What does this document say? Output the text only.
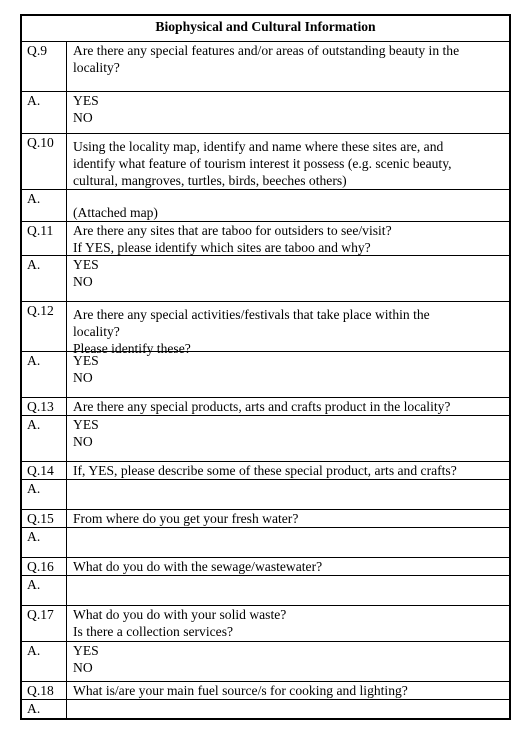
Biophysical and Cultural Information
Q.9 Are there any special features and/or areas of outstanding beauty in the
locality?
A. YES
NO
Q.10 Using the locality map, identify and name where these sites are, and
identify what feature of tourism interest it possess (e.g. scenic beauty,
cultural, mangroves, turtles, birds, beeches others)
A.
(Attached map)
Q.11 Are there any sites that are taboo for outsiders to see/visit?
If YES, please identify which sites are taboo and why?
A. YES
NO
Q.12 Are there any special activities/festivals that take place within the
locality?
Please identify these?
A. YES
NO
Q.13 Are there any special products, arts and crafts product in the locality?
A. YES
NO
Q.14 If, YES, please describe some of these special product, arts and crafts?
A.
Q.15 From where do you get your fresh water?
A.
Q.16 What do you do with the sewage/wastewater?
A.
Q.17 What do you do with your solid waste?
Is there a collection services?
A. YES
NO
Q.18 What is/are your main fuel source/s for cooking and lighting?
A.
